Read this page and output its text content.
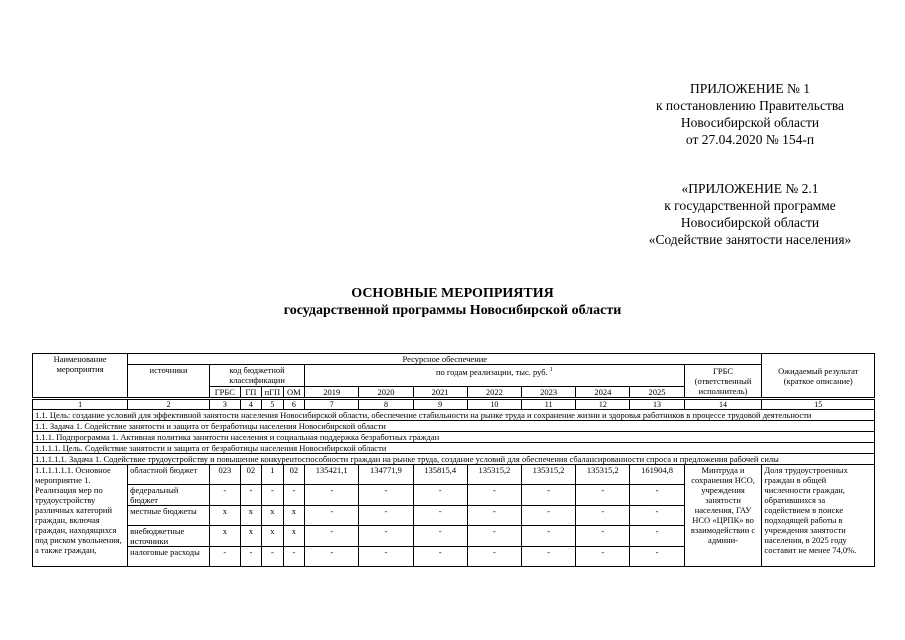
ПРИЛОЖЕНИЕ № 1
к постановлению Правительства
Новосибирской области
от 27.04.2020 № 154-п
«ПРИЛОЖЕНИЕ № 2.1
к государственной программе
Новосибирской области
«Содействие занятости населения»
ОСНОВНЫЕ МЕРОПРИЯТИЯ
государственной программы Новосибирской области
Наименование мероприятия	Ресурсное обеспечение													Ожидаемый результат (краткое описание)
	источники	код бюджетной классификации				по годам реализации, тыс. руб. $^1$							ГРБС (ответственный исполнитель)	
		ГРБС	ГП	пГП	ОМ	2019	2020	2021	2022	2023	2024	2025		
1	2	3	4	5	6	7	8	9	10	11	12	13	14	15
1.1. Цель: создание условий для эффективной занятости населения Новосибирской области, обеспечение стабильности на рынке труда и сохранение жизни и здоровья работников в процессе трудовой деятельности														
1.1. Задача 1. Содействие занятости и защита от безработицы населения Новосибирской области														
1.1.1. Подпрограмма 1. Активная политика занятости населения и социальная поддержка безработных граждан														
1.1.1.1. Цель. Содействие занятости и защита от безработицы населения Новосибирской области														
1.1.1.1.1. Задача 1. Содействие трудоустройству и повышение конкурентоспособности граждан на рынке труда, создание условий для обеспечения сбалансированности спроса и предложения рабочей силы														
1.1.1.1.1.1. Основное мероприятие 1. Реализация мер по трудоустройству различных категорий граждан, включая граждан, находящихся под риском увольнения, а также граждан,	областной бюджет	023	02	1	02	135421,1	134771,9	135815,4	135315,2	135315,2	135315,2	161904,8	Минтруда и сохранения НСО, учреждения занятости населения, ГАУ НСО «ЦРПК» во взаимодействии с админи-	Доля трудоустроенных граждан в общей численности граждан, обратившихся за содействием в поиске подходящей работы в учреждения занятости населения, в 2025 году составит не менее 74,0%.
	федеральный бюджет	-	-	-	-	-	-	-	-	-	-	-		
	местные бюджеты	х	х	х	х	-	-	-	-	-	-	-		
	внебюджетные источники	х	х	х	х	-	-	-	-	-	-	-		
	налоговые расходы	-	-	-	-	-	-	-	-	-	-	-		
